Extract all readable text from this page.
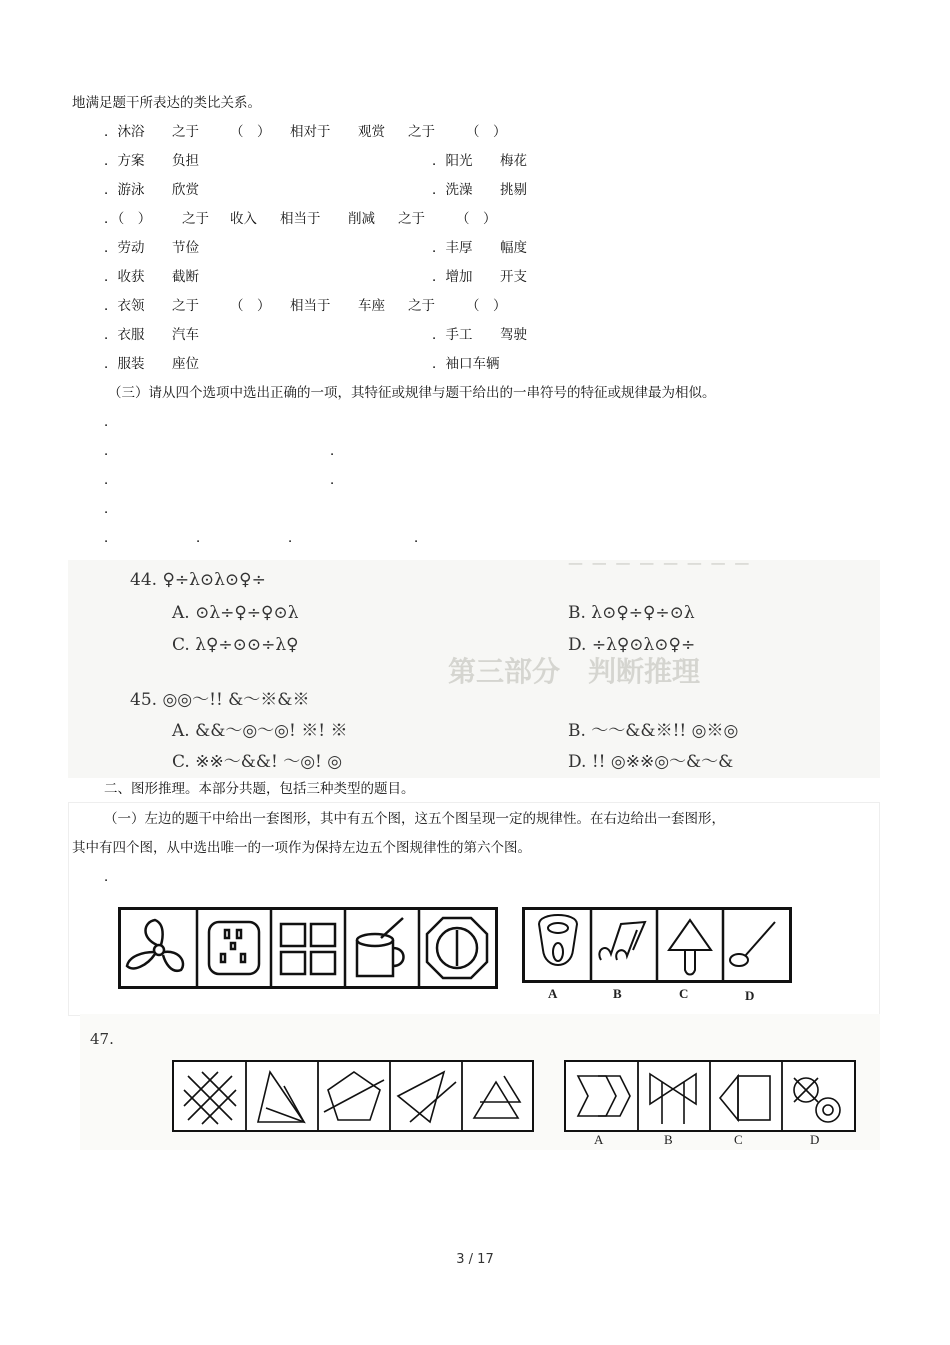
地满足题干所表达的类比关系。
．沐浴 之于 （　） 相对于 观赏 之于 （　）
．方案 负担	．阳光 梅花
．游泳 欣赏	．洗澡 挑剔
．（　） 之于 收入 相当于 削减 之于 （　）
．劳动 节俭	．丰厚 幅度
．收获 截断	．增加 开支
．衣领 之于 （　） 相当于 车座 之于 （　）
．衣服 汽车	．手工 驾驶
．服装 座位	．袖口车辆
（三）请从四个选项中选出正确的一项，其特征或规律与题干给出的一串符号的特征或规律最为相似。
．
．	．
．	．
．
．	．	．	．
— — — — — — — —
第三部分　判断推理
44. ♀÷λ⊙λ⊙♀÷
A. ⊙λ÷♀÷♀⊙λ	B. λ⊙♀÷♀÷⊙λ
C. λ♀÷⊙⊙÷λ♀	D. ÷λ♀⊙λ⊙♀÷
45. ◎◎～!! &～※&※
A. &&～◎～◎! ※! ※	B. ～～&&※!! ◎※◎
C. ※※～&&! ～◎! ◎	D. !! ◎※※◎～&～&
二、图形推理。本部分共题，包括三种类型的题目。
（一）左边的题干中给出一套图形，其中有五个图，这五个图呈现一定的规律性。在右边给出一套图形，
其中有四个图，从中选出唯一的一项作为保持左边五个图规律性的第六个图。
．
A	B	C	D
47.
A	B	C	D
3 / 17
